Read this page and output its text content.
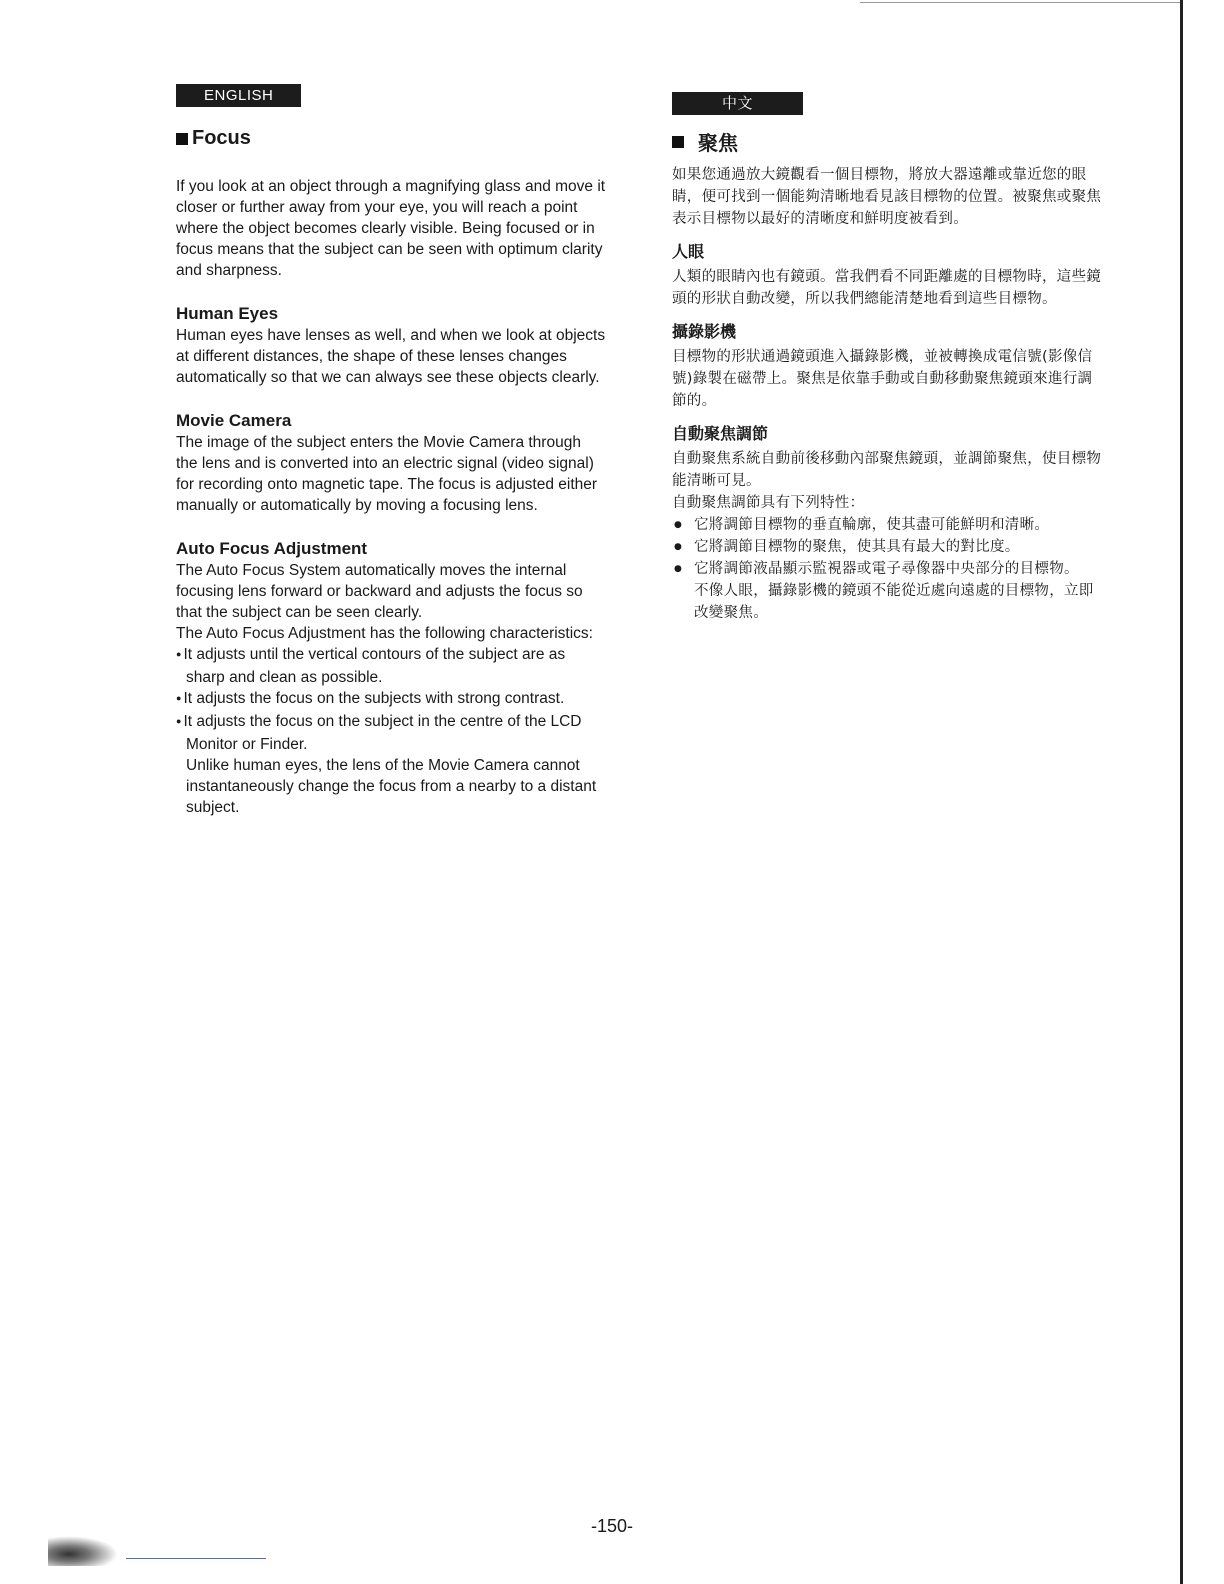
ENGLISH
Focus

If you look at an object through a magnifying glass and move it closer or further away from your eye, you will reach a point where the object becomes clearly visible. Being focused or in focus means that the subject can be seen with optimum clarity and sharpness.

Human Eyes

Human eyes have lenses as well, and when we look at objects at different distances, the shape of these lenses changes automatically so that we can always see these objects clearly.

Movie Camera

The image of the subject enters the Movie Camera through the lens and is converted into an electric signal (video signal) for recording onto magnetic tape. The focus is adjusted either manually or automatically by moving a focusing lens.

Auto Focus Adjustment

The Auto Focus System automatically moves the internal focusing lens forward or backward and adjusts the focus so that the subject can be seen clearly.

The Auto Focus Adjustment has the following characteristics:

● It adjusts until the vertical contours of the subject are as sharp and clean as possible.
● It adjusts the focus on the subjects with strong contrast.
● It adjusts the focus on the subject in the centre of the LCD Monitor or Finder.

Unlike human eyes, the lens of the Movie Camera cannot instantaneously change the focus from a nearby to a distant subject.

中文
聚焦

如果您通過放大鏡觀看一個目標物，將放大器遠離或靠近您的眼睛，便可找到一個能夠清晰地看見該目標物的位置。被聚焦或聚焦表示目標物以最好的清晰度和鮮明度被看到。

人眼

人類的眼睛內也有鏡頭。當我們看不同距離處的目標物時，這些鏡頭的形狀自動改變，所以我們總能清楚地看到這些目標物。

攝錄影機

目標物的形狀通過鏡頭進入攝錄影機，並被轉換成電信號(影像信號)錄製在磁帶上。聚焦是依靠手動或自動移動聚焦鏡頭來進行調節的。

自動聚焦調節

自動聚焦系統自動前後移動內部聚焦鏡頭，並調節聚焦，使目標物能清晰可見。

自動聚焦調節具有下列特性：

● 它將調節目標物的垂直輪廓，使其盡可能鮮明和清晰。
● 它將調節目標物的聚焦，使其具有最大的對比度。
● 它將調節液晶顯示監視器或電子尋像器中央部分的目標物。

不像人眼，攝錄影機的鏡頭不能從近處向遠處的目標物，立即改變聚焦。

-150-
